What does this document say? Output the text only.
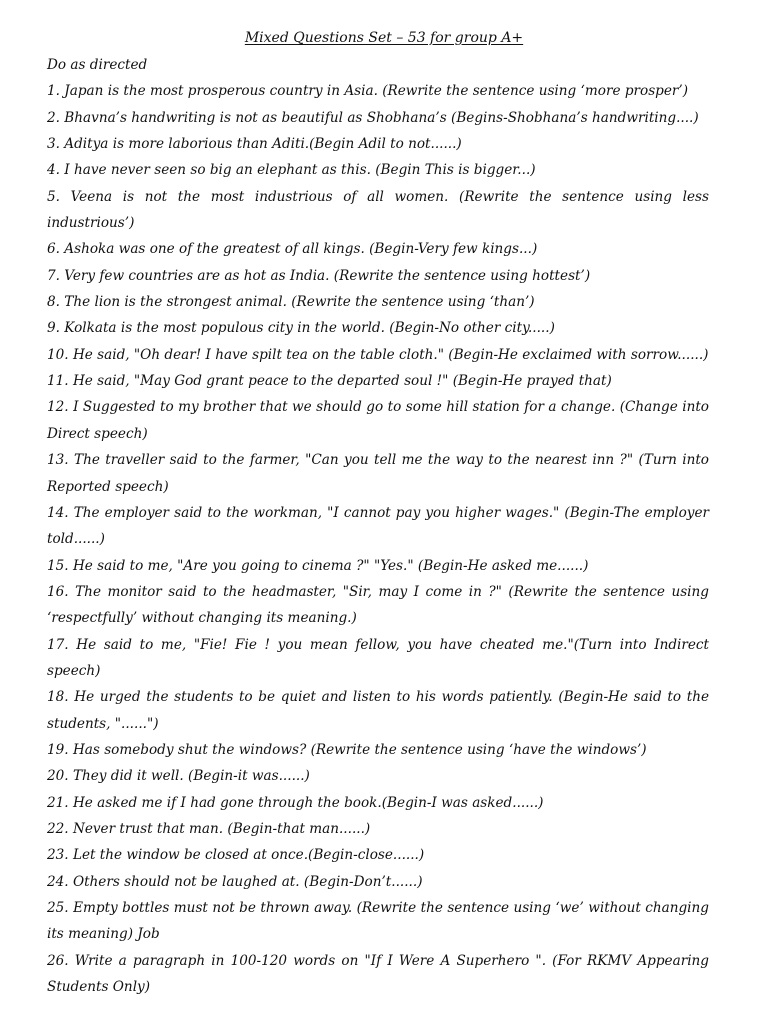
Mixed Questions Set – 53 for group A+

Do as directed

1. Japan is the most prosperous country in Asia. (Rewrite the sentence using ‘more prosper’)

2. Bhavna’s handwriting is not as beautiful as Shobhana’s (Begins-Shobhana’s handwriting....)

3. Aditya is more laborious than Aditi.(Begin Adil to not......)

4. I have never seen so big an elephant as this. (Begin This is bigger...)

5. Veena is not the most industrious of all women. (Rewrite the sentence using less industrious’)

6. Ashoka was one of the greatest of all kings. (Begin-Very few kings...)

7. Very few countries are as hot as India. (Rewrite the sentence using hottest’)

8. The lion is the strongest animal. (Rewrite the sentence using ‘than’)

9. Kolkata is the most populous city in the world. (Begin-No other city.....)

10. He said, "Oh dear! I have spilt tea on the table cloth." (Begin-He exclaimed with sorrow......)

11. He said, "May God grant peace to the departed soul !" (Begin-He prayed that)

12. I Suggested to my brother that we should go to some hill station for a change. (Change into Direct speech)

13. The traveller said to the farmer, "Can you tell me the way to the nearest inn ?" (Turn into Reported speech)

14. The employer said to the workman, "I cannot pay you higher wages." (Begin-The employer told......)

15. He said to me, "Are you going to cinema ?" "Yes." (Begin-He asked me......)

16. The monitor said to the headmaster, "Sir, may I come in ?" (Rewrite the sentence using ‘respectfully’ without changing its meaning.)

17. He said to me, "Fie! Fie ! you mean fellow, you have cheated me."(Turn into Indirect speech)

18. He urged the students to be quiet and listen to his words patiently. (Begin-He said to the students, "......")

19. Has somebody shut the windows? (Rewrite the sentence using ‘have the windows’)

20. They did it well. (Begin-it was......)

21. He asked me if I had gone through the book.(Begin-I was asked......)

22. Never trust that man. (Begin-that man......)

23. Let the window be closed at once.(Begin-close......)

24. Others should not be laughed at. (Begin-Don’t......)

25. Empty bottles must not be thrown away. (Rewrite the sentence using ‘we’ without changing its meaning) Job

26. Write a paragraph in 100-120 words on "If I Were A Superhero ". (For RKMV Appearing Students Only)
